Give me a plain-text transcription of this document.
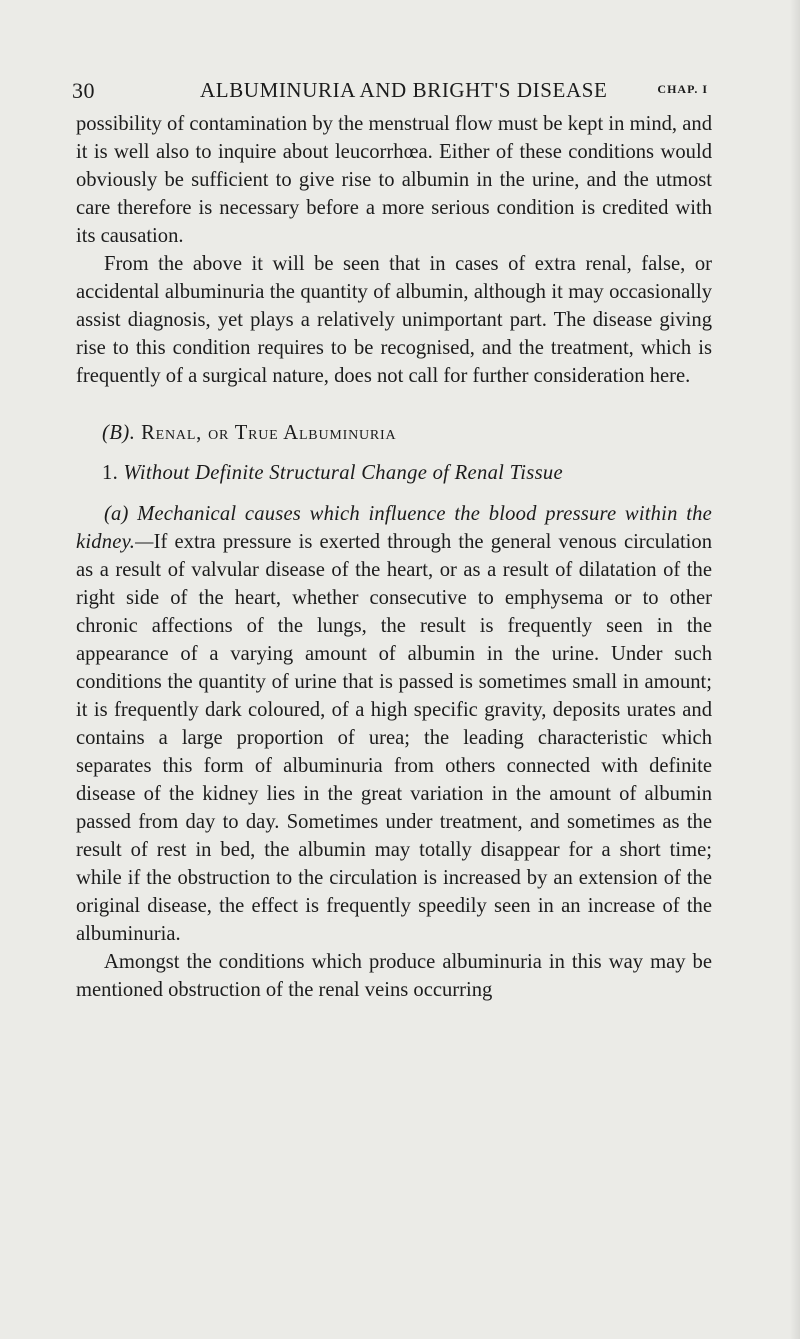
30	ALBUMINURIA AND BRIGHT'S DISEASE	CHAP. I

possibility of contamination by the menstrual flow must be kept in mind, and it is well also to inquire about leucorrhœa. Either of these conditions would obviously be sufficient to give rise to albumin in the urine, and the utmost care therefore is necessary before a more serious condition is credited with its causation.

From the above it will be seen that in cases of extra renal, false, or accidental albuminuria the quantity of albumin, although it may occasionally assist diagnosis, yet plays a relatively unimportant part. The disease giving rise to this condition requires to be recognised, and the treatment, which is frequently of a surgical nature, does not call for further consideration here.

(B). Renal, or True Albuminuria

1. Without Definite Structural Change of Renal Tissue

(a) Mechanical causes which influence the blood pressure within the kidney.—If extra pressure is exerted through the general venous circulation as a result of valvular disease of the heart, or as a result of dilatation of the right side of the heart, whether consecutive to emphysema or to other chronic affections of the lungs, the result is frequently seen in the appearance of a varying amount of albumin in the urine. Under such conditions the quantity of urine that is passed is sometimes small in amount; it is frequently dark coloured, of a high specific gravity, deposits urates and contains a large proportion of urea; the leading characteristic which separates this form of albuminuria from others connected with definite disease of the kidney lies in the great variation in the amount of albumin passed from day to day. Sometimes under treatment, and sometimes as the result of rest in bed, the albumin may totally disappear for a short time; while if the obstruction to the circulation is increased by an extension of the original disease, the effect is frequently speedily seen in an increase of the albuminuria.

Amongst the conditions which produce albuminuria in this way may be mentioned obstruction of the renal veins occurring
